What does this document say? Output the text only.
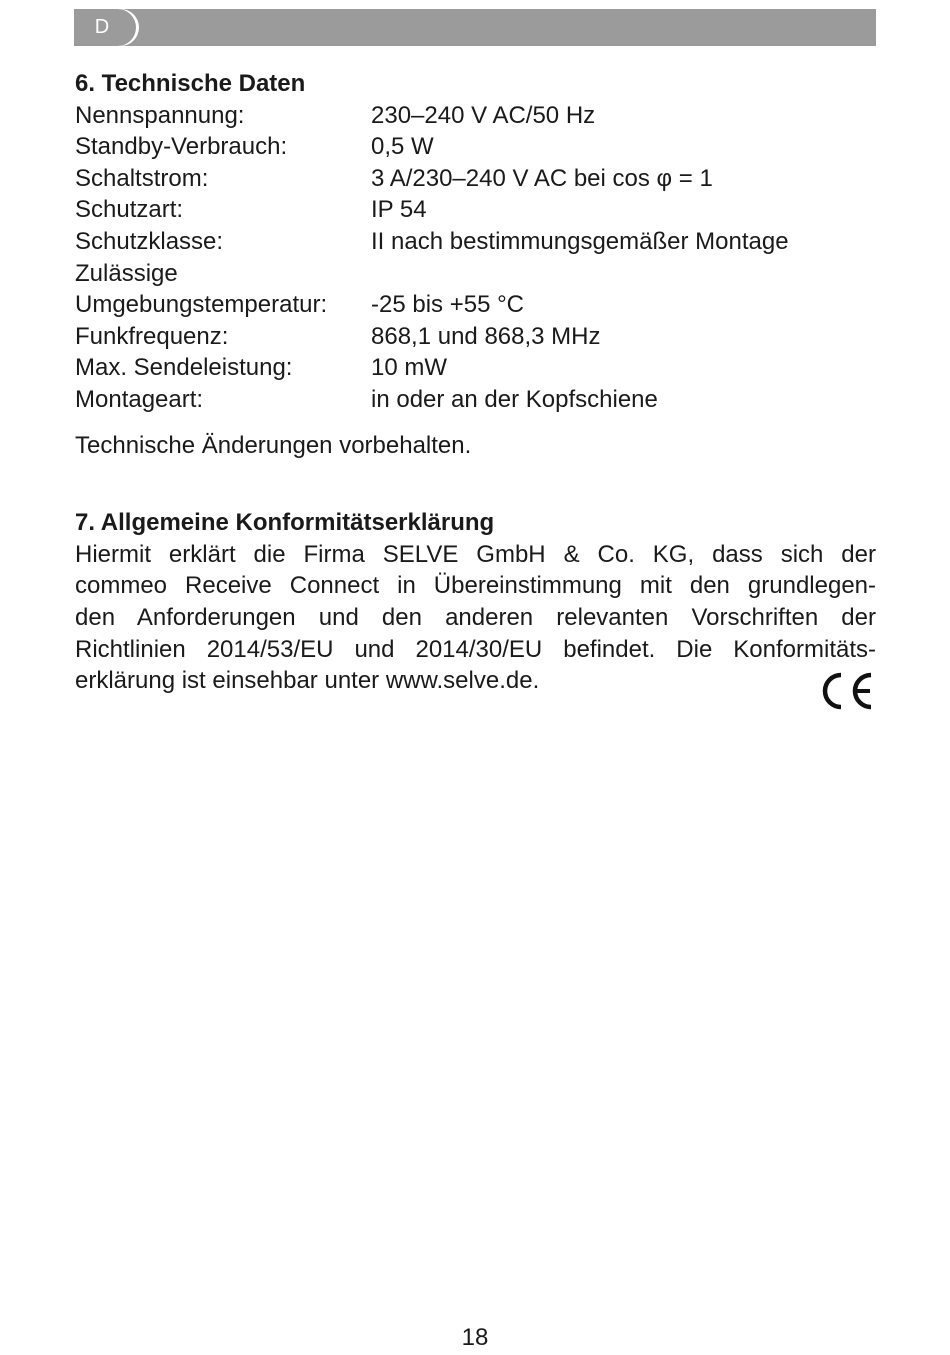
D

6. Technische Daten

Nennspannung:	230–240 V AC/50 Hz
Standby-Verbrauch:	0,5 W
Schaltstrom:	3 A/230–240 V AC bei cos φ = 1
Schutzart:	IP 54
Schutzklasse:	II nach bestimmungsgemäßer Montage
Zulässige	
Umgebungstemperatur:	-25 bis +55 °C
Funkfrequenz:	868,1 und 868,3 MHz
Max. Sendeleistung:	10 mW
Montageart:	in oder an der Kopfschiene

Technische Änderungen vorbehalten.

7. Allgemeine Konformitätserklärung

Hiermit erklärt die Firma SELVE GmbH & Co. KG, dass sich der
commeo Receive Connect in Übereinstimmung mit den grundlegen-
den Anforderungen und den anderen relevanten Vorschriften der
Richtlinien 2014/53/EU und 2014/30/EU befindet. Die Konformitäts-
erklärung ist einsehbar unter www.selve.de.
18
